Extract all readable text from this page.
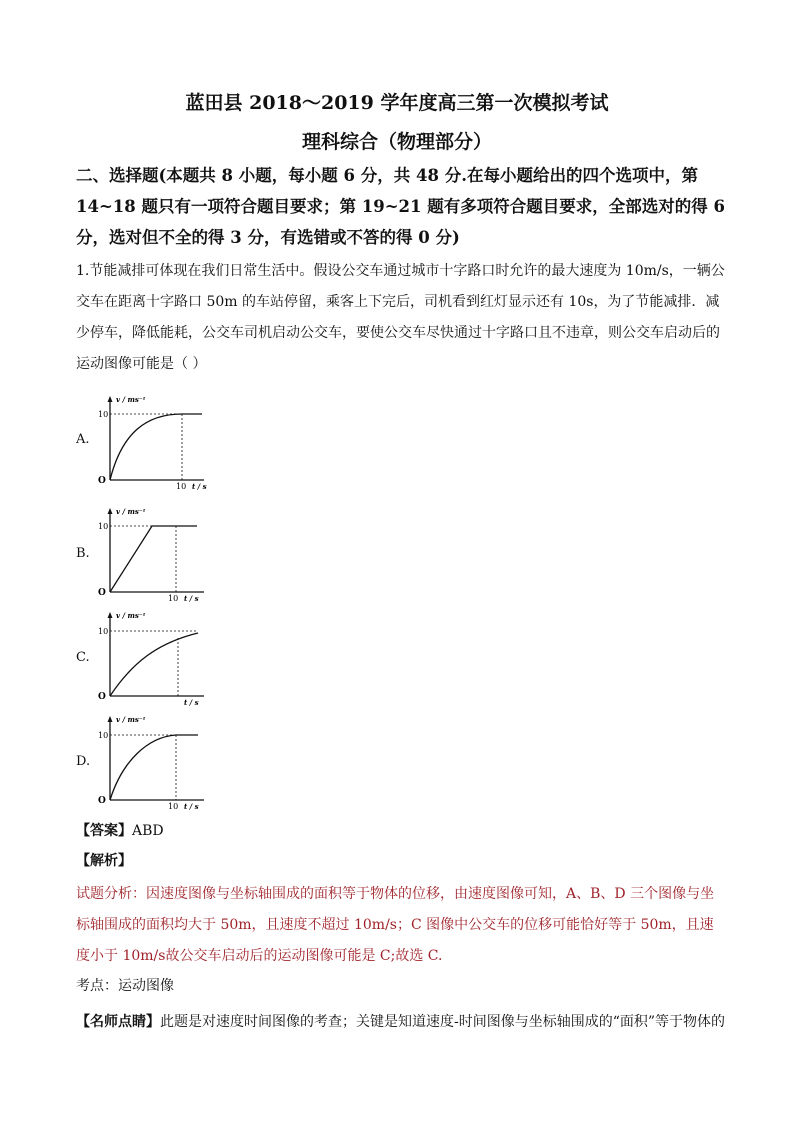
蓝田县 2018～2019 学年度高三第一次模拟考试
理科综合（物理部分）
二、选择题(本题共 8 小题，每小题 6 分，共 48 分.在每小题给出的四个选项中，第 14~18 题只有一项符合题目要求；第 19~21 题有多项符合题目要求，全部选对的得 6 分，选对但不全的得 3 分，有选错或不答的得 0 分)
1.节能减排可体现在我们日常生活中。假设公交车通过城市十字路口时允许的最大速度为 10m/s，一辆公交车在距离十字路口 50m 的车站停留，乘客上下完后，司机看到红灯显示还有 10s，为了节能减排．减少停车，降低能耗，公交车司机启动公交车，要使公交车尽快通过十字路口且不违章，则公交车启动后的运动图像可能是（ ）
A.
v / ms⁻¹
10
O
10 t / s
B.
v / ms⁻¹
10
O
10 t / s
C.
v / ms⁻¹
10
O
t / s
D.
v / ms⁻¹
10
O
10 t / s
【答案】ABD
【解析】
试题分析：因速度图像与坐标轴围成的面积等于物体的位移，由速度图像可知，A、B、D 三个图像与坐标轴围成的面积均大于 50m，且速度不超过 10m/s；C 图像中公交车的位移可能恰好等于 50m，且速度小于 10m/s故公交车启动后的运动图像可能是 C;故选 C.
考点：运动图像
【名师点睛】此题是对速度时间图像的考查；关键是知道速度-时间图像与坐标轴围成的“面积”等于物体的
